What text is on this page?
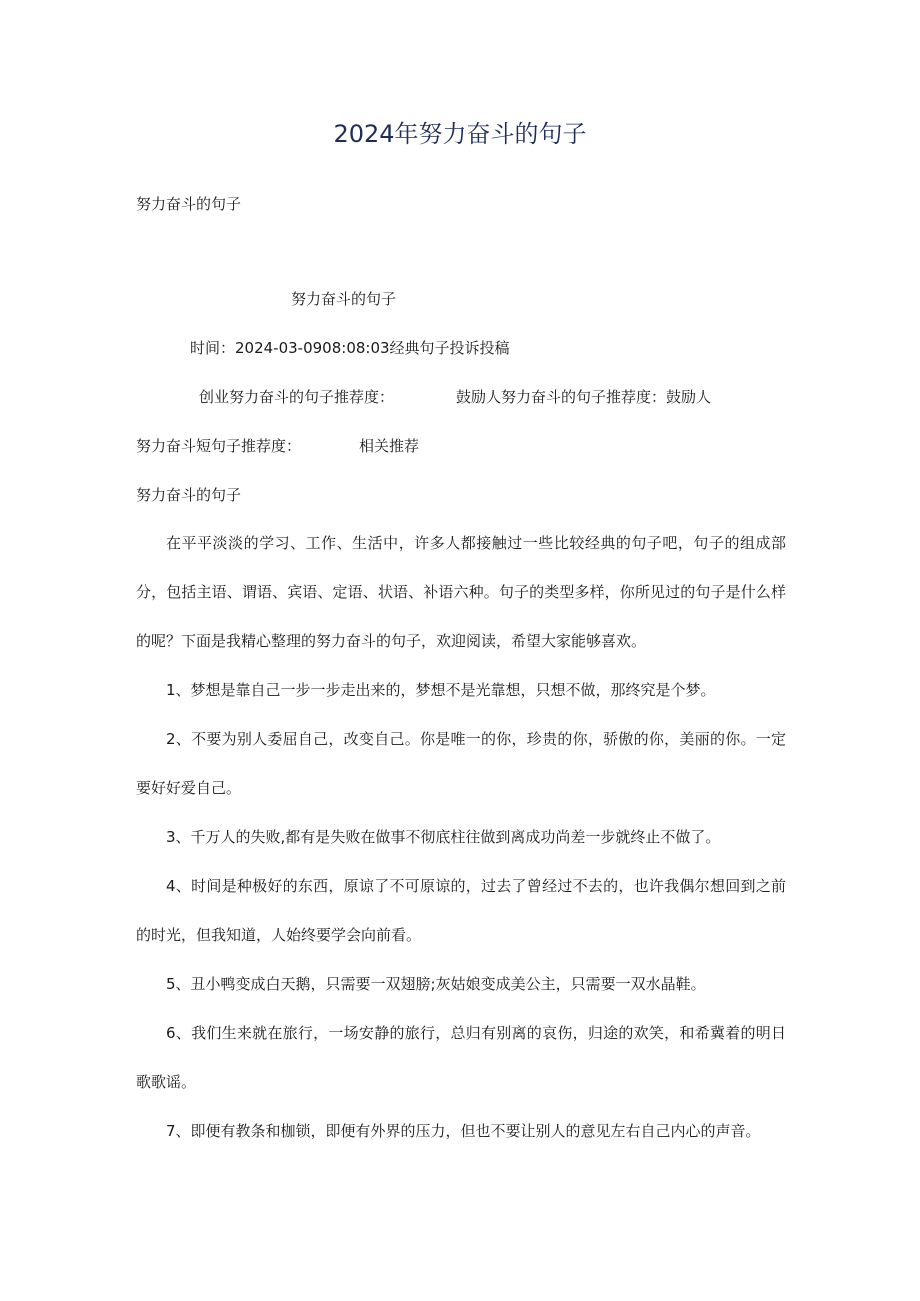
2024年努力奋斗的句子

努力奋斗的句子

努力奋斗的句子

时间：2024-03-0908:08:03经典句子投诉投稿

创业努力奋斗的句子推荐度：	鼓励人努力奋斗的句子推荐度：鼓励人

努力奋斗短句子推荐度：	相关推荐

努力奋斗的句子

在平平淡淡的学习、工作、生活中，许多人都接触过一些比较经典的句子吧，句子的组成部分，包括主语、谓语、宾语、定语、状语、补语六种。句子的类型多样，你所见过的句子是什么样的呢？下面是我精心整理的努力奋斗的句子，欢迎阅读，希望大家能够喜欢。

1、梦想是靠自己一步一步走出来的，梦想不是光靠想，只想不做，那终究是个梦。

2、不要为别人委屈自己，改变自己。你是唯一的你，珍贵的你，骄傲的你，美丽的你。一定要好好爱自己。

3、千万人的失败,都有是失败在做事不彻底柱往做到离成功尚差一步就终止不做了。

4、时间是种极好的东西，原谅了不可原谅的，过去了曾经过不去的，也许我偶尔想回到之前的时光，但我知道，人始终要学会向前看。

5、丑小鸭变成白天鹅，只需要一双翅膀;灰姑娘变成美公主，只需要一双水晶鞋。

6、我们生来就在旅行，一场安静的旅行，总归有别离的哀伤，归途的欢笑，和希冀着的明日歌歌谣。

7、即便有教条和枷锁，即便有外界的压力，但也不要让别人的意见左右自己内心的声音。
